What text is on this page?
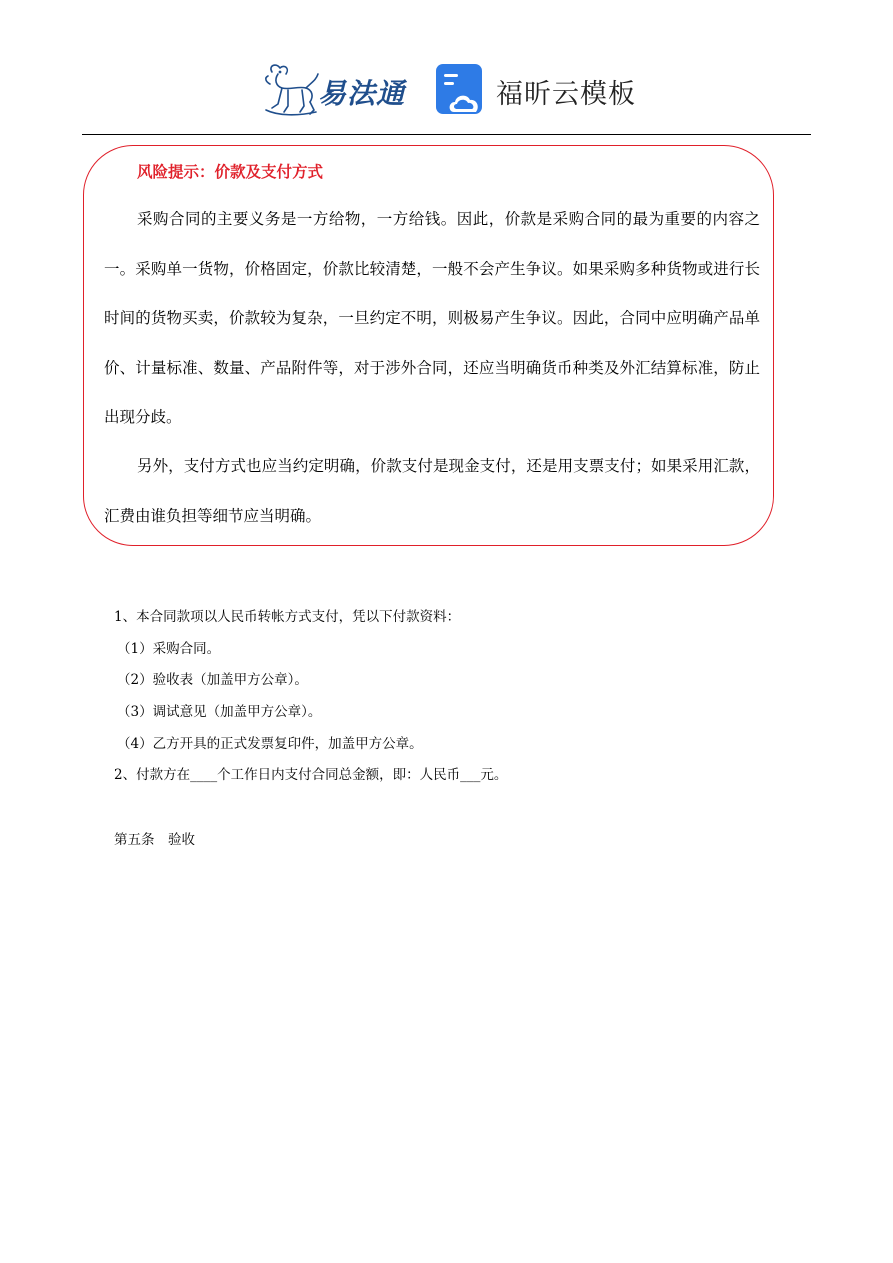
易法通	福昕云模板
风险提示：价款及支付方式

采购合同的主要义务是一方给物，一方给钱。因此，价款是采购合同的最为重要的内容之一。采购单一货物，价格固定，价款比较清楚，一般不会产生争议。如果采购多种货物或进行长时间的货物买卖，价款较为复杂，一旦约定不明，则极易产生争议。因此，合同中应明确产品单价、计量标准、数量、产品附件等，对于涉外合同，还应当明确货币种类及外汇结算标准，防止出现分歧。

另外，支付方式也应当约定明确，价款支付是现金支付，还是用支票支付；如果采用汇款，汇费由谁负担等细节应当明确。

1、本合同款项以人民币转帐方式支付，凭以下付款资料：
（1）采购合同。
（2）验收表（加盖甲方公章）。
（3）调试意见（加盖甲方公章）。
（4）乙方开具的正式发票复印件，加盖甲方公章。
2、付款方在____个工作日内支付合同总金额，即：人民币___元。
第五条　验收
